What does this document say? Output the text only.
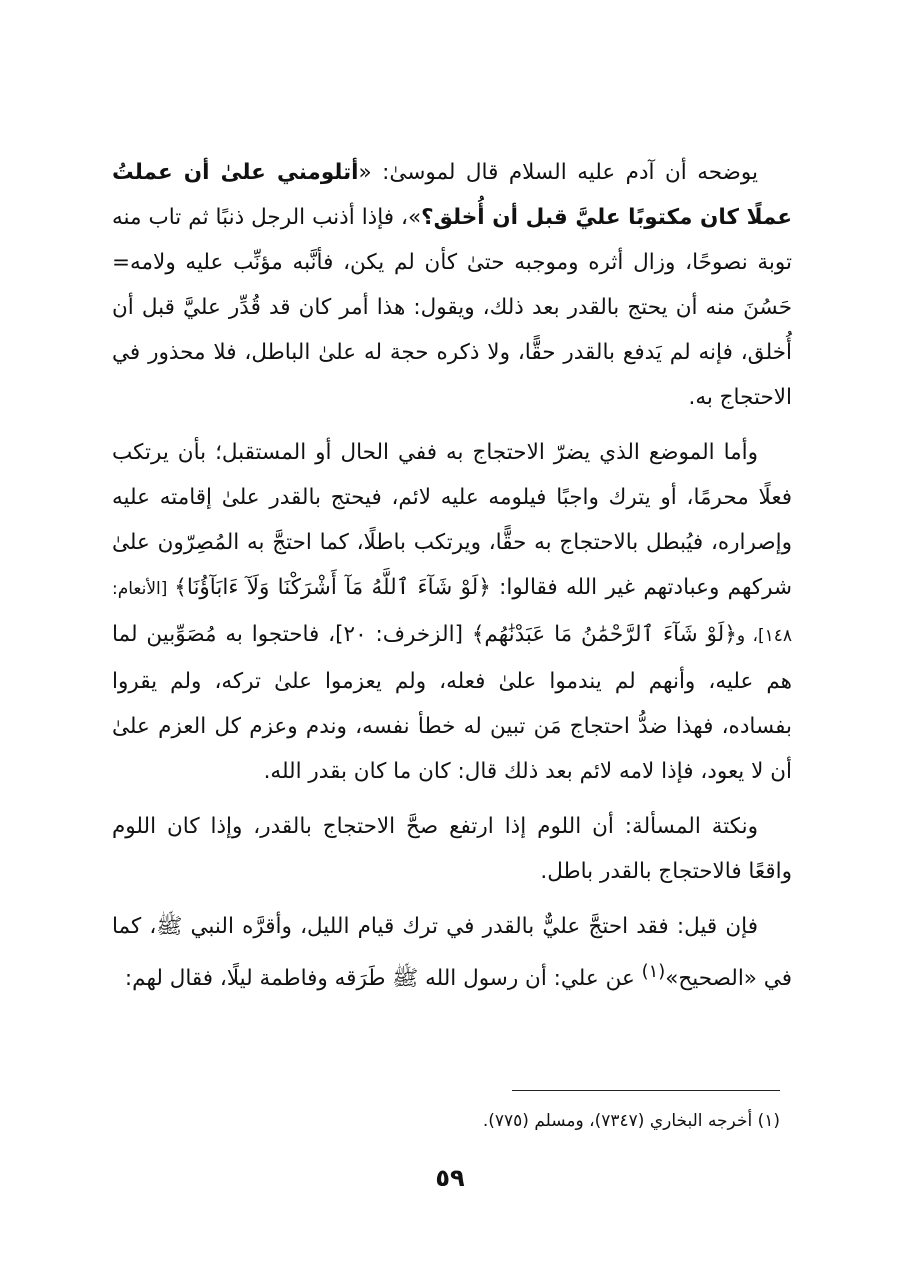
يوضحه أن آدم عليه السلام قال لموسىٰ: «أتلومني علىٰ أن عملتُ عملًا كان مكتوبًا عليَّ قبل أن أُخلق؟»، فإذا أذنب الرجل ذنبًا ثم تاب منه توبة نصوحًا، وزال أثره وموجبه حتىٰ كأن لم يكن، فأنَّبه مؤنِّب عليه ولامه= حَسُنَ منه أن يحتج بالقدر بعد ذلك، ويقول: هذا أمر كان قد قُدِّر عليَّ قبل أن أُخلق، فإنه لم يَدفع بالقدر حقًّا، ولا ذكره حجة له علىٰ الباطل، فلا محذور في الاحتجاج به.

وأما الموضع الذي يضرّ الاحتجاج به ففي الحال أو المستقبل؛ بأن يرتكب فعلًا محرمًا، أو يترك واجبًا فيلومه عليه لائم، فيحتج بالقدر علىٰ إقامته عليه وإصراره، فيُبطل بالاحتجاج به حقًّا، ويرتكب باطلًا، كما احتجَّ به المُصِرّون علىٰ شركهم وعبادتهم غير الله فقالوا: ﴿لَوْ شَآءَ ٱللَّهُ مَآ أَشْرَكْنَا وَلَآ ءَابَآؤُنَا﴾ [الأنعام: ١٤٨]، و﴿لَوْ شَآءَ ٱلرَّحْمَٰنُ مَا عَبَدْنَٰهُم﴾ [الزخرف: ٢٠]، فاحتجوا به مُصَوِّبين لما هم عليه، وأنهم لم يندموا علىٰ فعله، ولم يعزموا علىٰ تركه، ولم يقروا بفساده، فهذا ضدُّ احتجاج مَن تبين له خطأ نفسه، وندم وعزم كل العزم علىٰ أن لا يعود، فإذا لامه لائم بعد ذلك قال: كان ما كان بقدر الله.

ونكتة المسألة: أن اللوم إذا ارتفع صحَّ الاحتجاج بالقدر، وإذا كان اللوم واقعًا فالاحتجاج بالقدر باطل.

فإن قيل: فقد احتجَّ عليٌّ بالقدر في ترك قيام الليل، وأقرَّه النبي ﷺ، كما في «الصحيح»$^{(١)}$ عن علي: أن رسول الله ﷺ طَرَقه وفاطمة ليلًا، فقال لهم:

(١) أخرجه البخاري (٧٣٤٧)، ومسلم (٧٧٥).
٥٩
